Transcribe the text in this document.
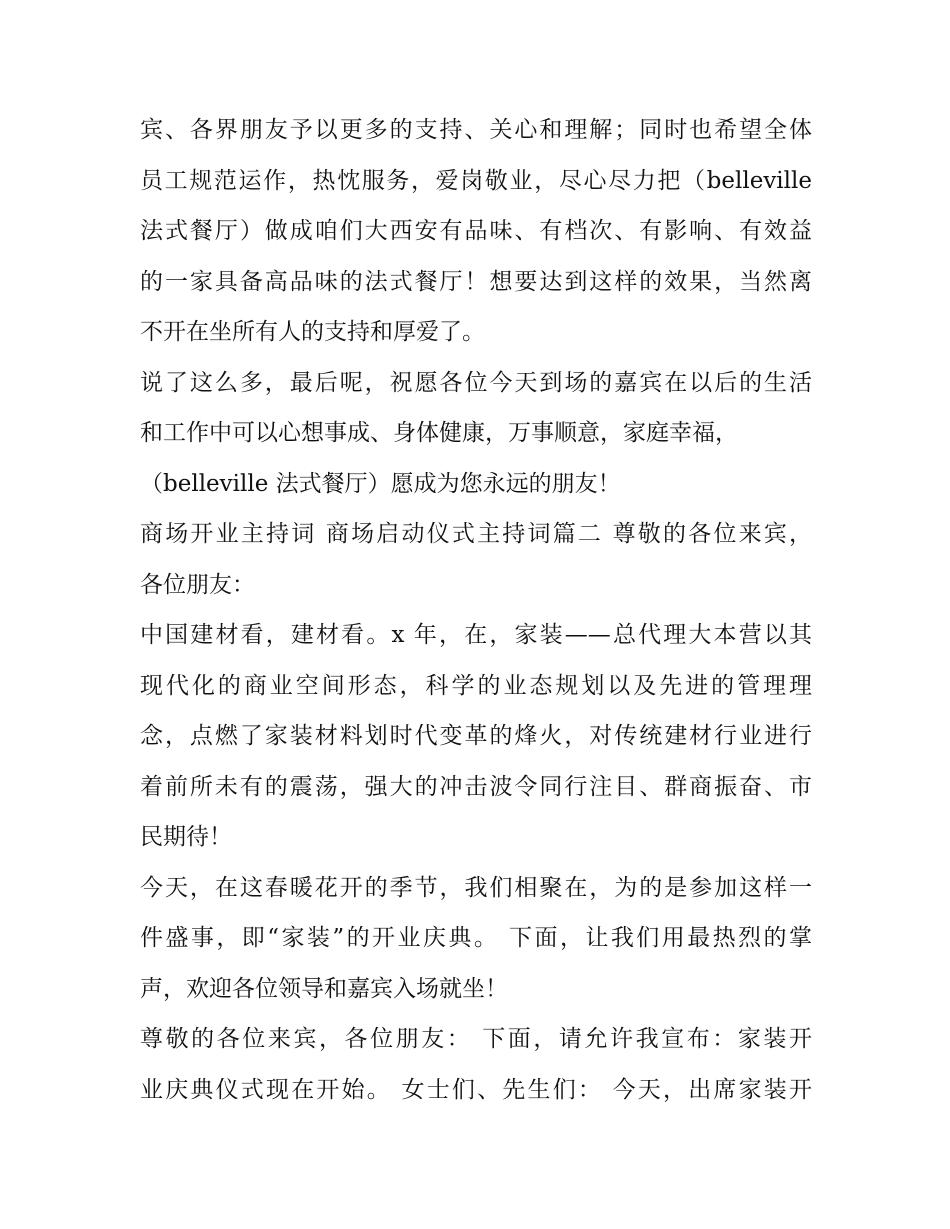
宾、各界朋友予以更多的支持、关心和理解；同时也希望全体
员工规范运作，热忱服务，爱岗敬业，尽心尽力把（belleville
法式餐厅）做成咱们大西安有品味、有档次、有影响、有效益
的一家具备高品味的法式餐厅！想要达到这样的效果，当然离
不开在坐所有人的支持和厚爱了。
说了这么多，最后呢，祝愿各位今天到场的嘉宾在以后的生活
和工作中可以心想事成、身体健康，万事顺意，家庭幸福，
（belleville 法式餐厅）愿成为您永远的朋友！
商场开业主持词 商场启动仪式主持词篇二 尊敬的各位来宾，
各位朋友：
中国建材看，建材看。x 年，在，家装——总代理大本营以其
现代化的商业空间形态，科学的业态规划以及先进的管理理
念，点燃了家装材料划时代变革的烽火，对传统建材行业进行
着前所未有的震荡，强大的冲击波令同行注目、群商振奋、市
民期待！
今天，在这春暖花开的季节，我们相聚在，为的是参加这样一
件盛事，即“家装”的开业庆典。 下面，让我们用最热烈的掌
声，欢迎各位领导和嘉宾入场就坐！
尊敬的各位来宾，各位朋友： 下面，请允许我宣布：家装开
业庆典仪式现在开始。 女士们、先生们： 今天，出席家装开
